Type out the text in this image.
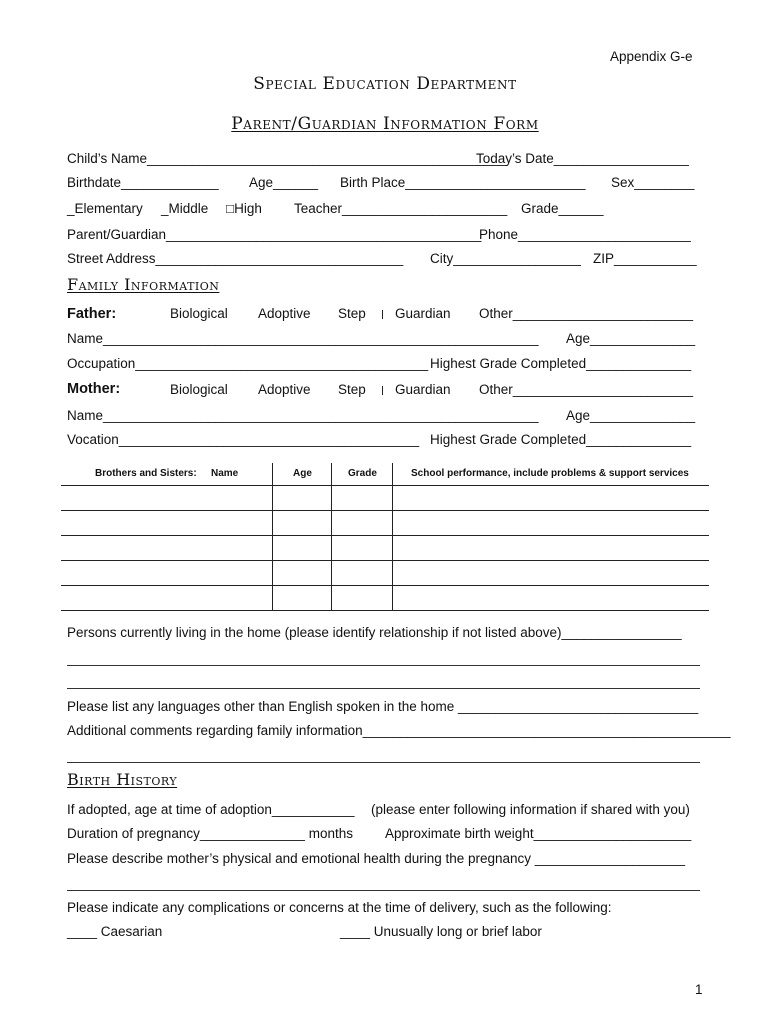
Appendix G-e
Special Education Department
Parent/Guardian Information Form
Child’s Name________________________________________________
Today’s Date__________________
Birthdate_____________ Age______ Birth Place________________________ Sex________
_Elementary _Middle □High Teacher______________________ Grade______
Parent/Guardian__________________________________________
Phone_______________________
Street Address_________________________________ City_________________ ZIP___________
Family Information
Father:	Biological Adoptive Step Guardian Other________________________
Name__________________________________________________________ Age______________
Occupation_______________________________________ Highest Grade Completed______________
Mother:	Biological Adoptive Step Guardian Other________________________
Name__________________________________________________________ Age______________
Vocation________________________________________ Highest Grade Completed______________
Brothers and Sisters: Name	Age	Grade	School performance, include problems & support services
Persons currently living in the home (please identify relationship if not listed above)________________
Please list any languages other than English spoken in the home ________________________________
Additional comments regarding family information_________________________________________________
Birth History
If adopted, age at time of adoption___________ (please enter following information if shared with you)
Duration of pregnancy______________ months Approximate birth weight_____________________
Please describe mother’s physical and emotional health during the pregnancy ____________________
Please indicate any complications or concerns at the time of delivery, such as the following:
____ Caesarian	____ Unusually long or brief labor
1
